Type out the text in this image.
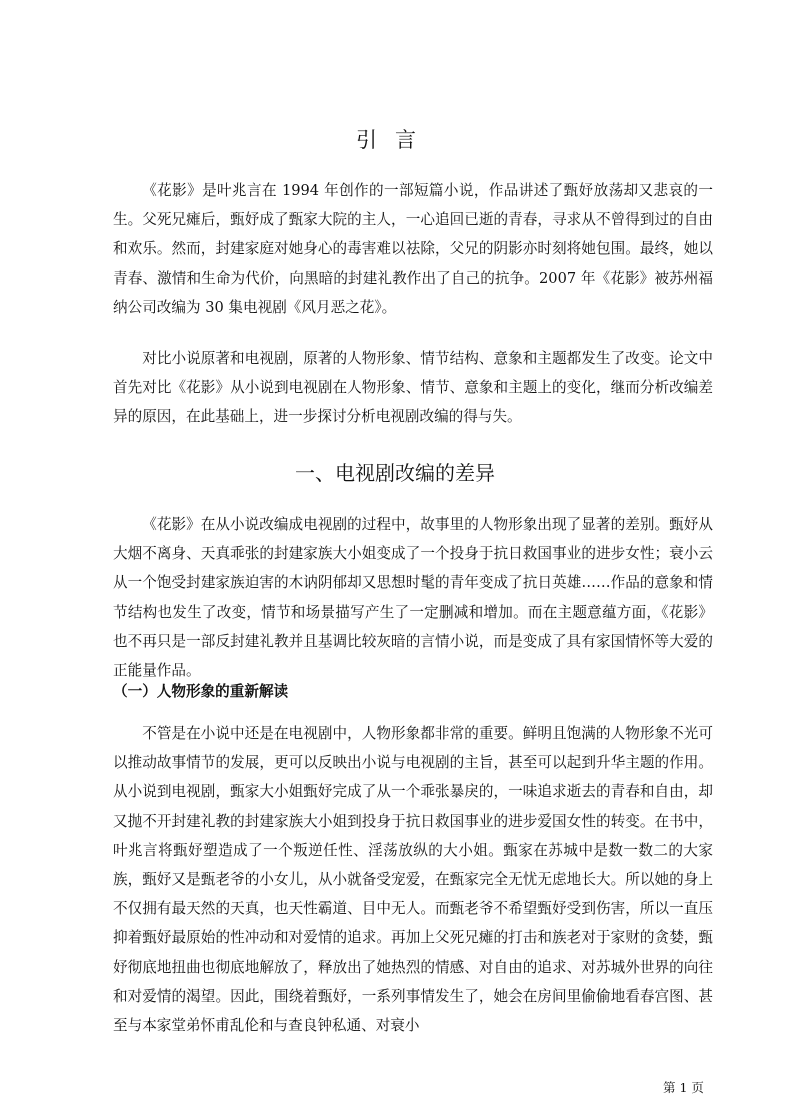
引言

《花影》是叶兆言在 1994 年创作的一部短篇小说，作品讲述了甄妤放荡却又悲哀的一生。父死兄瘫后，甄妤成了甄家大院的主人，一心追回已逝的青春，寻求从不曾得到过的自由和欢乐。然而，封建家庭对她身心的毒害难以祛除，父兄的阴影亦时刻将她包围。最终，她以青春、激情和生命为代价，向黑暗的封建礼教作出了自己的抗争。2007 年《花影》被苏州福纳公司改编为 30 集电视剧《风月恶之花》。

对比小说原著和电视剧，原著的人物形象、情节结构、意象和主题都发生了改变。论文中首先对比《花影》从小说到电视剧在人物形象、情节、意象和主题上的变化，继而分析改编差异的原因，在此基础上，进一步探讨分析电视剧改编的得与失。

一、电视剧改编的差异

《花影》在从小说改编成电视剧的过程中，故事里的人物形象出现了显著的差别。甄妤从大烟不离身、天真乖张的封建家族大小姐变成了一个投身于抗日救国事业的进步女性；衰小云从一个饱受封建家族迫害的木讷阴郁却又思想时髦的青年变成了抗日英雄……作品的意象和情节结构也发生了改变，情节和场景描写产生了一定删减和增加。而在主题意蕴方面，《花影》也不再只是一部反封建礼教并且基调比较灰暗的言情小说，而是变成了具有家国情怀等大爱的正能量作品。

（一）人物形象的重新解读

不管是在小说中还是在电视剧中，人物形象都非常的重要。鲜明且饱满的人物形象不光可以推动故事情节的发展，更可以反映出小说与电视剧的主旨，甚至可以起到升华主题的作用。从小说到电视剧，甄家大小姐甄妤完成了从一个乖张暴戾的，一味追求逝去的青春和自由，却又抛不开封建礼教的封建家族大小姐到投身于抗日救国事业的进步爱国女性的转变。在书中，叶兆言将甄妤塑造成了一个叛逆任性、淫荡放纵的大小姐。甄家在苏城中是数一数二的大家族，甄妤又是甄老爷的小女儿，从小就备受宠爱，在甄家完全无忧无虑地长大。所以她的身上不仅拥有最天然的天真，也天性霸道、目中无人。而甄老爷不希望甄妤受到伤害，所以一直压抑着甄妤最原始的性冲动和对爱情的追求。再加上父死兄瘫的打击和族老对于家财的贪婪，甄妤彻底地扭曲也彻底地解放了，释放出了她热烈的情感、对自由的追求、对苏城外世界的向往和对爱情的渴望。因此，围绕着甄妤，一系列事情发生了，她会在房间里偷偷地看春宫图、甚至与本家堂弟怀甫乱伦和与查良钟私通、对衰小

第 1 页
